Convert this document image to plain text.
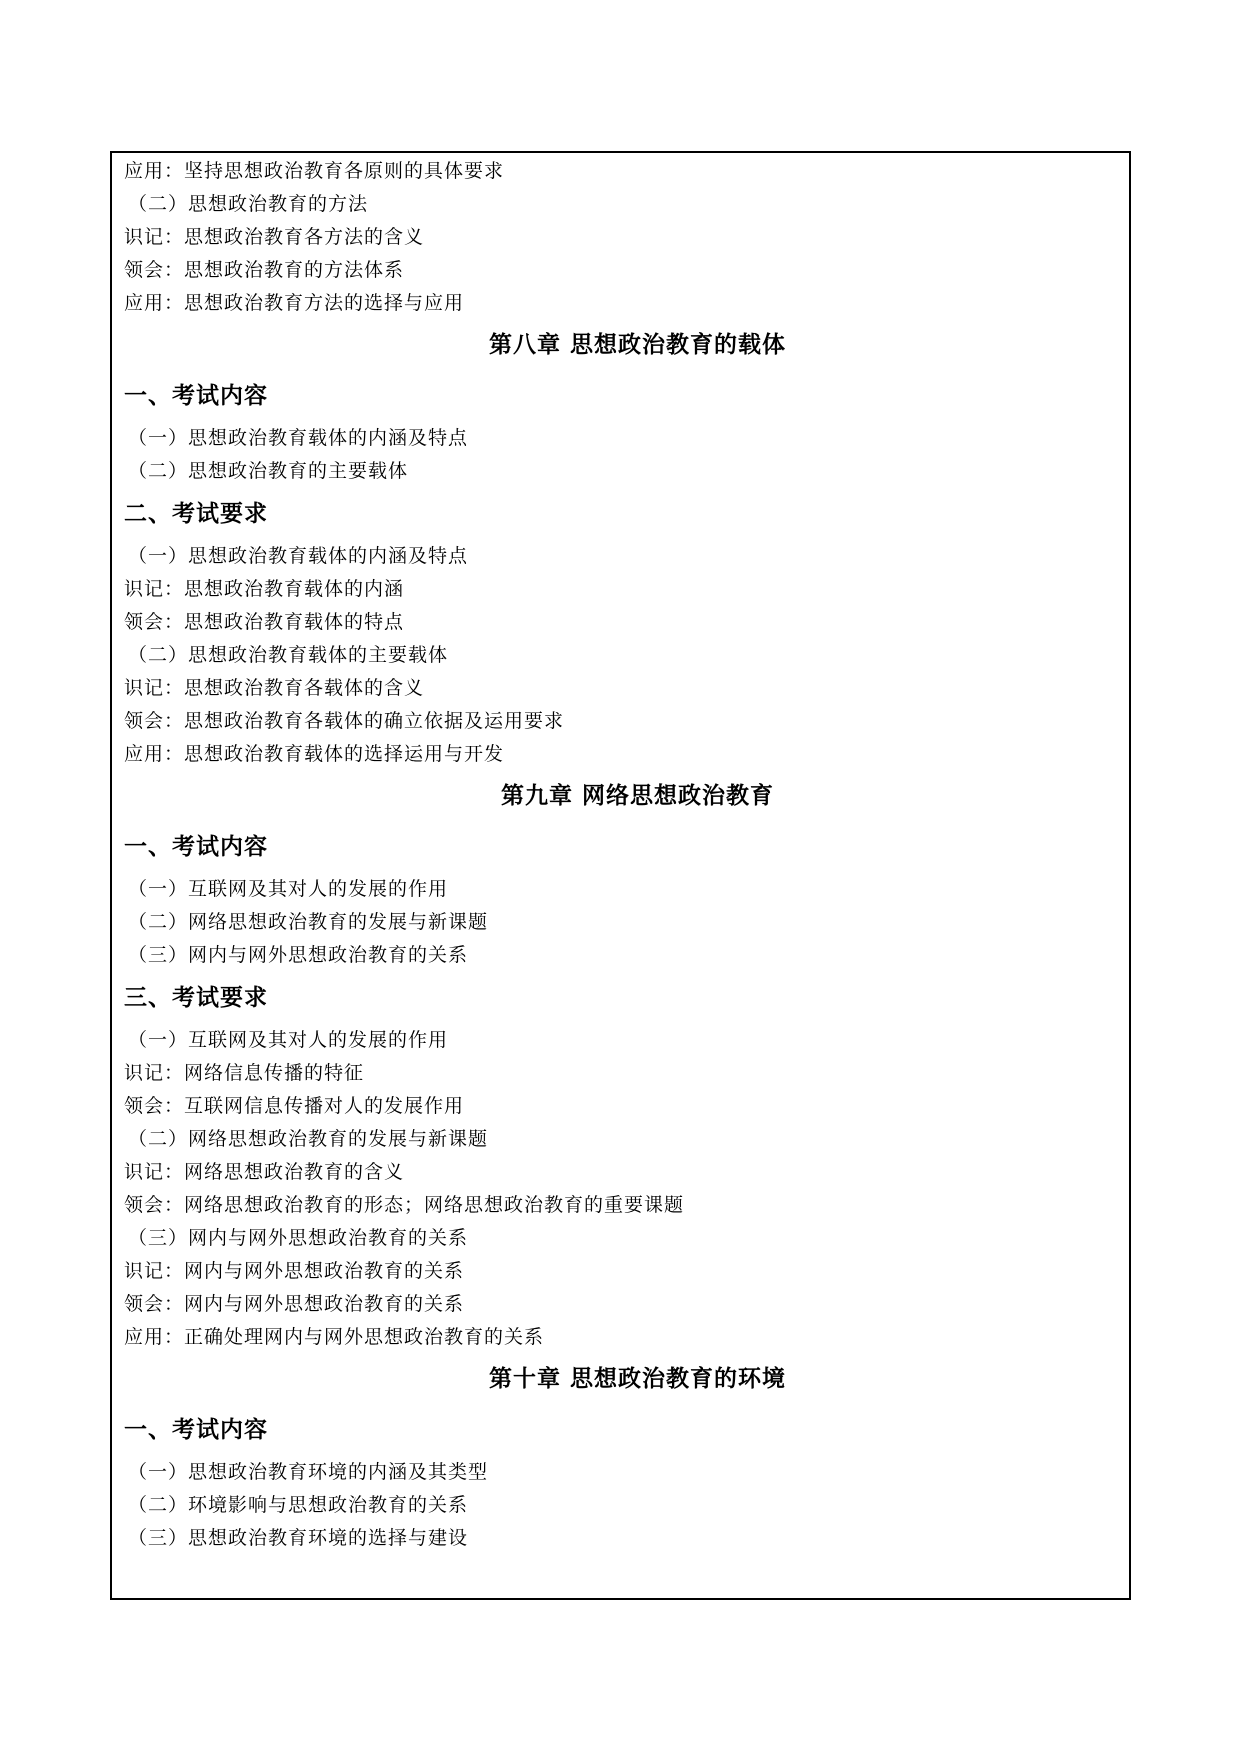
应用：坚持思想政治教育各原则的具体要求
（二）思想政治教育的方法
识记：思想政治教育各方法的含义
领会：思想政治教育的方法体系
应用：思想政治教育方法的选择与应用
第八章 思想政治教育的载体
一、考试内容
（一）思想政治教育载体的内涵及特点
（二）思想政治教育的主要载体
二、考试要求
（一）思想政治教育载体的内涵及特点
识记：思想政治教育载体的内涵
领会：思想政治教育载体的特点
（二）思想政治教育载体的主要载体
识记：思想政治教育各载体的含义
领会：思想政治教育各载体的确立依据及运用要求
应用：思想政治教育载体的选择运用与开发
第九章 网络思想政治教育
一、考试内容
（一）互联网及其对人的发展的作用
（二）网络思想政治教育的发展与新课题
（三）网内与网外思想政治教育的关系
三、考试要求
（一）互联网及其对人的发展的作用
识记：网络信息传播的特征
领会：互联网信息传播对人的发展作用
（二）网络思想政治教育的发展与新课题
识记：网络思想政治教育的含义
领会：网络思想政治教育的形态；网络思想政治教育的重要课题
（三）网内与网外思想政治教育的关系
识记：网内与网外思想政治教育的关系
领会：网内与网外思想政治教育的关系
应用：正确处理网内与网外思想政治教育的关系
第十章 思想政治教育的环境
一、考试内容
（一）思想政治教育环境的内涵及其类型
（二）环境影响与思想政治教育的关系
（三）思想政治教育环境的选择与建设
